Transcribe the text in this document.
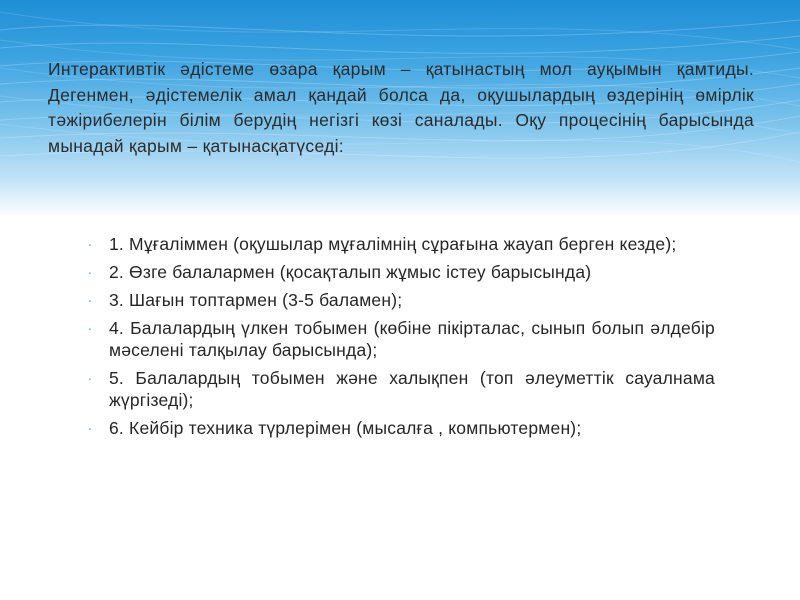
Интерактивтік әдістеме өзара қарым – қатынастың мол ауқымын қамтиды. Дегенмен, әдістемелік амал қандай болса да, оқушылардың өздерінің өмірлік тәжірибелерін білім берудің негізгі көзі саналады. Оқу процесінің барысында мынадай қарым – қатынасқатүседі:

∙ 1. Мұғаліммен (оқушылар мұғалімнің сұрағына жауап берген кезде);
∙ 2. Өзге балалармен (қосақталып жұмыс істеу барысында)
∙ 3. Шағын топтармен (3-5 баламен);
∙ 4. Балалардың үлкен тобымен (көбіне пікірталас, сынып болып әлдебір мәселені талқылау барысында);
∙ 5. Балалардың тобымен және халықпен (топ әлеуметтік сауалнама жүргізеді);
∙ 6. Кейбір техника түрлерімен (мысалға , компьютермен);
